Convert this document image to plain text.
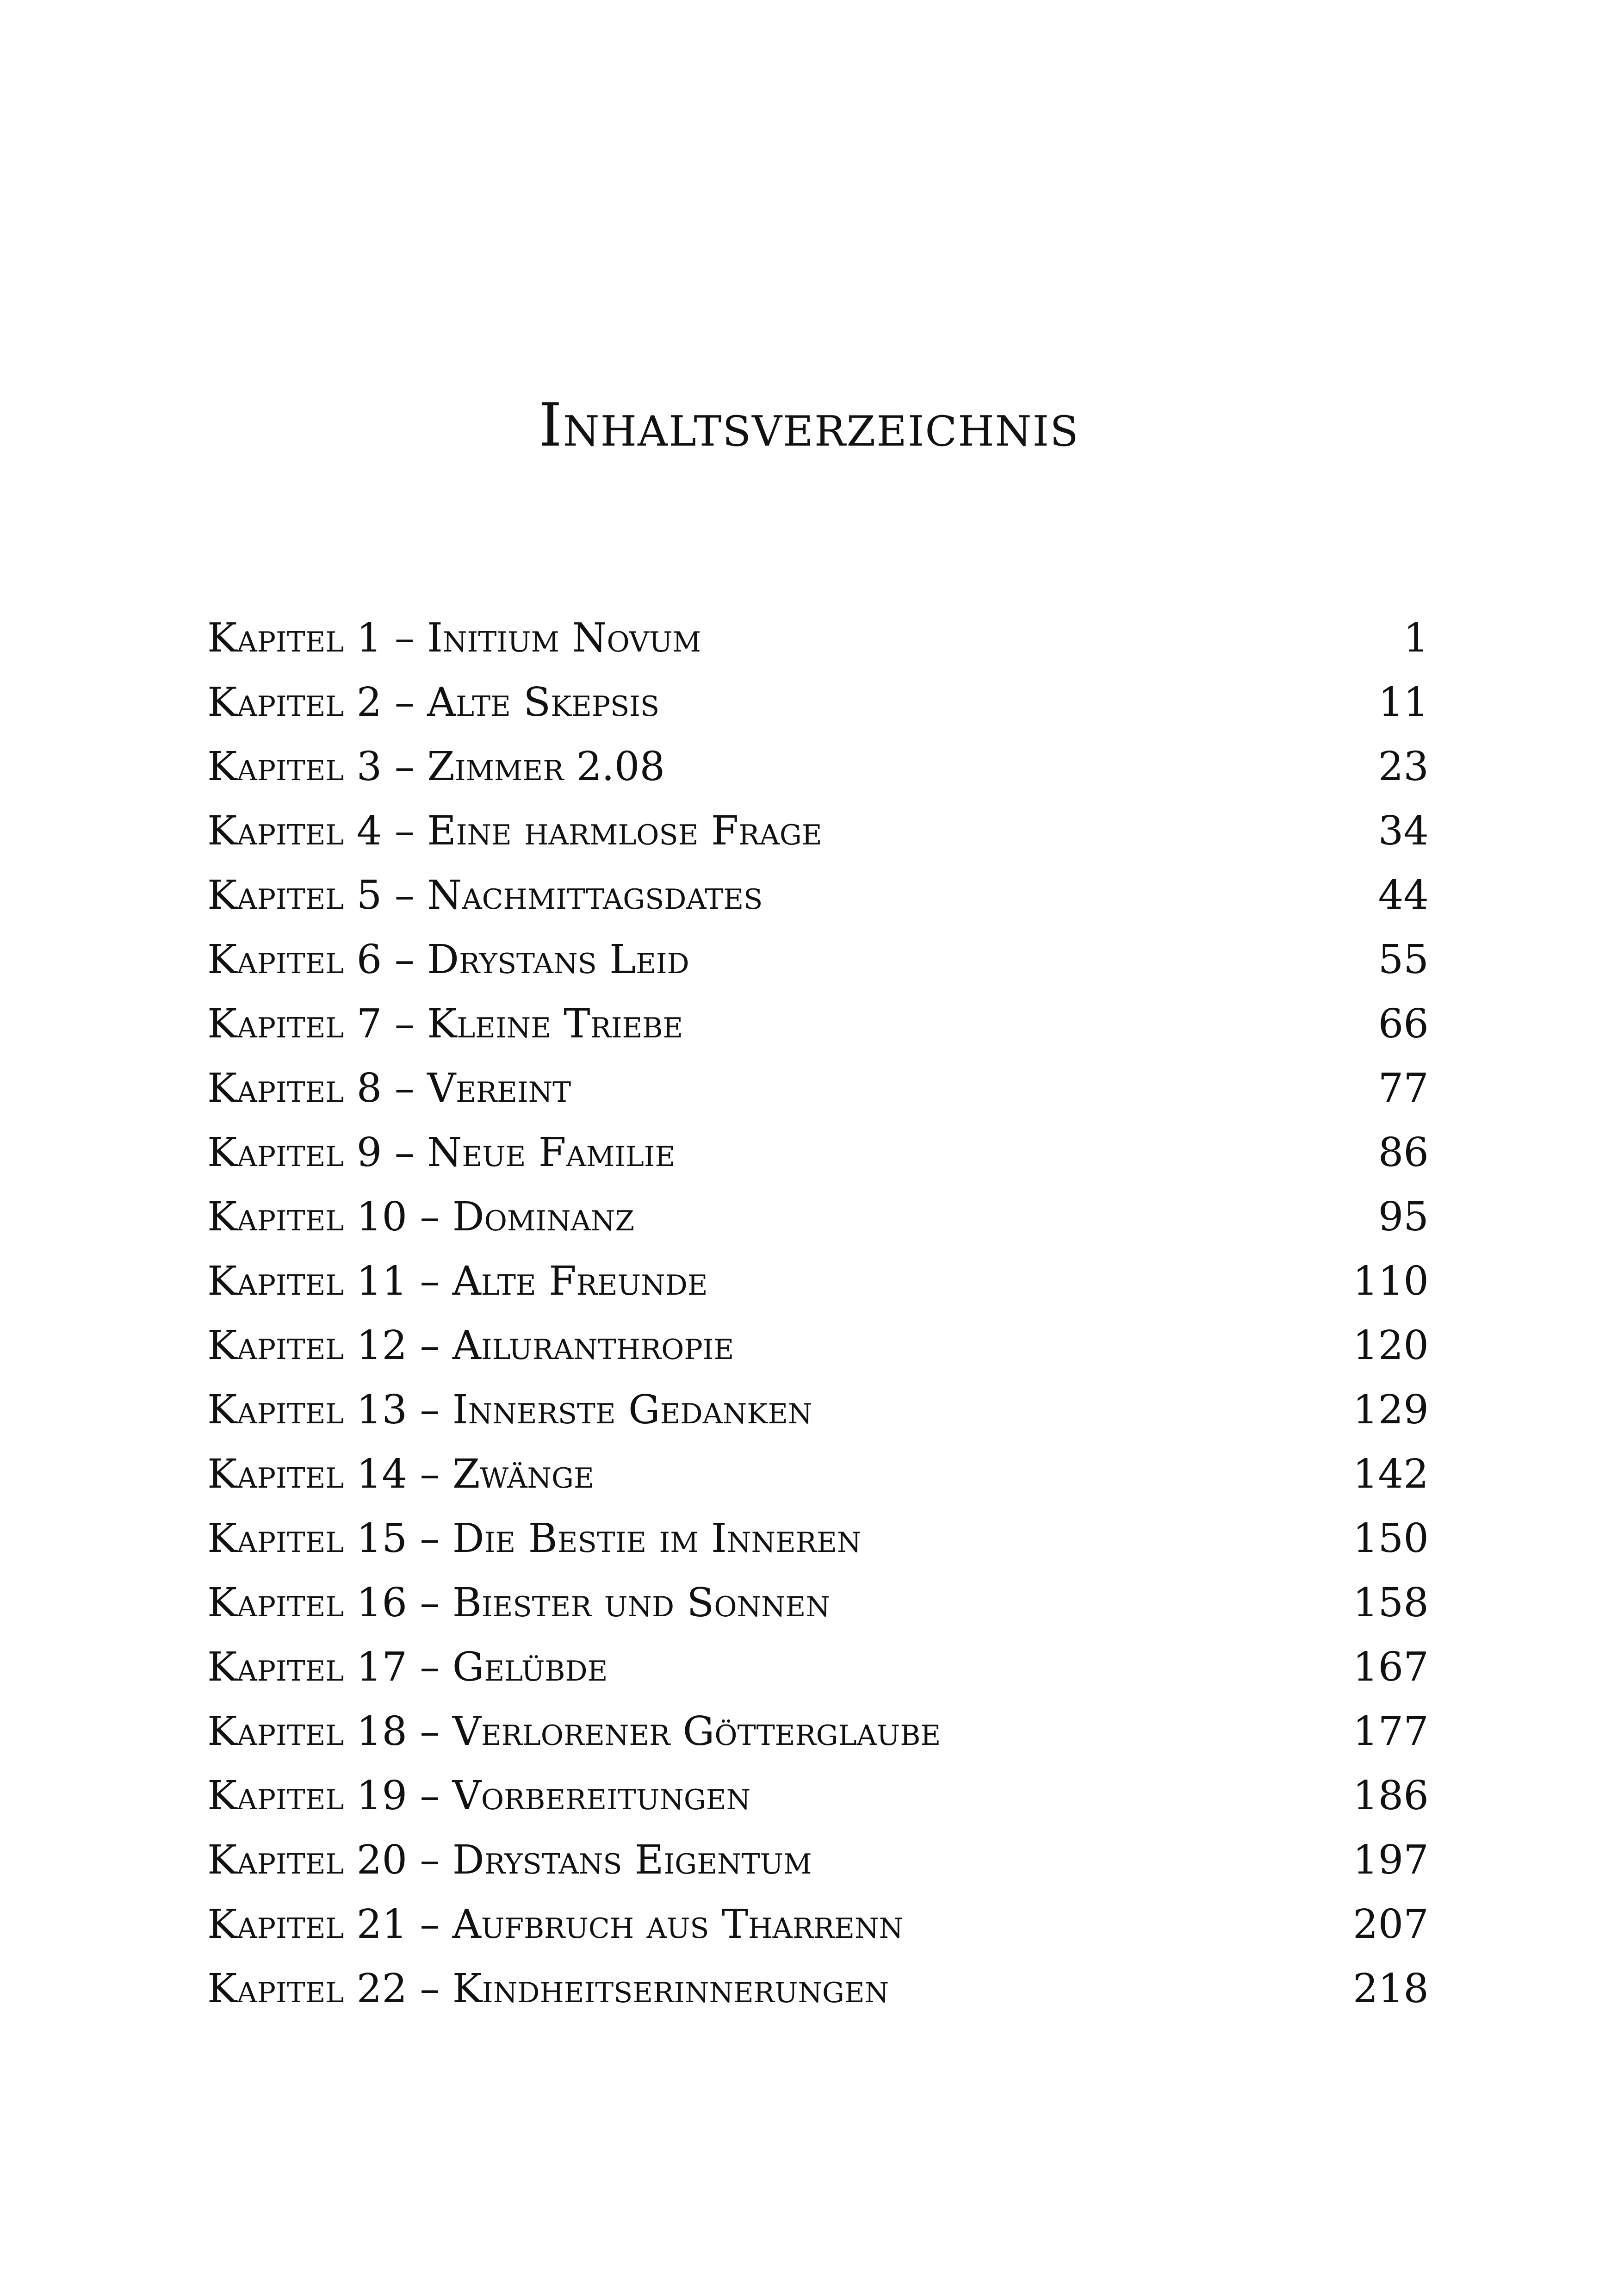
Inhaltsverzeichnis
Kapitel 1 – Initium Novum	1
Kapitel 2 – Alte Skepsis	11
Kapitel 3 – Zimmer 2.08	23
Kapitel 4 – Eine harmlose Frage	34
Kapitel 5 – Nachmittagsdates	44
Kapitel 6 – Drystans Leid	55
Kapitel 7 – Kleine Triebe	66
Kapitel 8 – Vereint	77
Kapitel 9 – Neue Familie	86
Kapitel 10 – Dominanz	95
Kapitel 11 – Alte Freunde	110
Kapitel 12 – Ailuranthropie	120
Kapitel 13 – Innerste Gedanken	129
Kapitel 14 – Zwänge	142
Kapitel 15 – Die Bestie im Inneren	150
Kapitel 16 – Biester und Sonnen	158
Kapitel 17 – Gelübde	167
Kapitel 18 – Verlorener Götterglaube	177
Kapitel 19 – Vorbereitungen	186
Kapitel 20 – Drystans Eigentum	197
Kapitel 21 – Aufbruch aus Tharrenn	207
Kapitel 22 – Kindheitserinnerungen	218
